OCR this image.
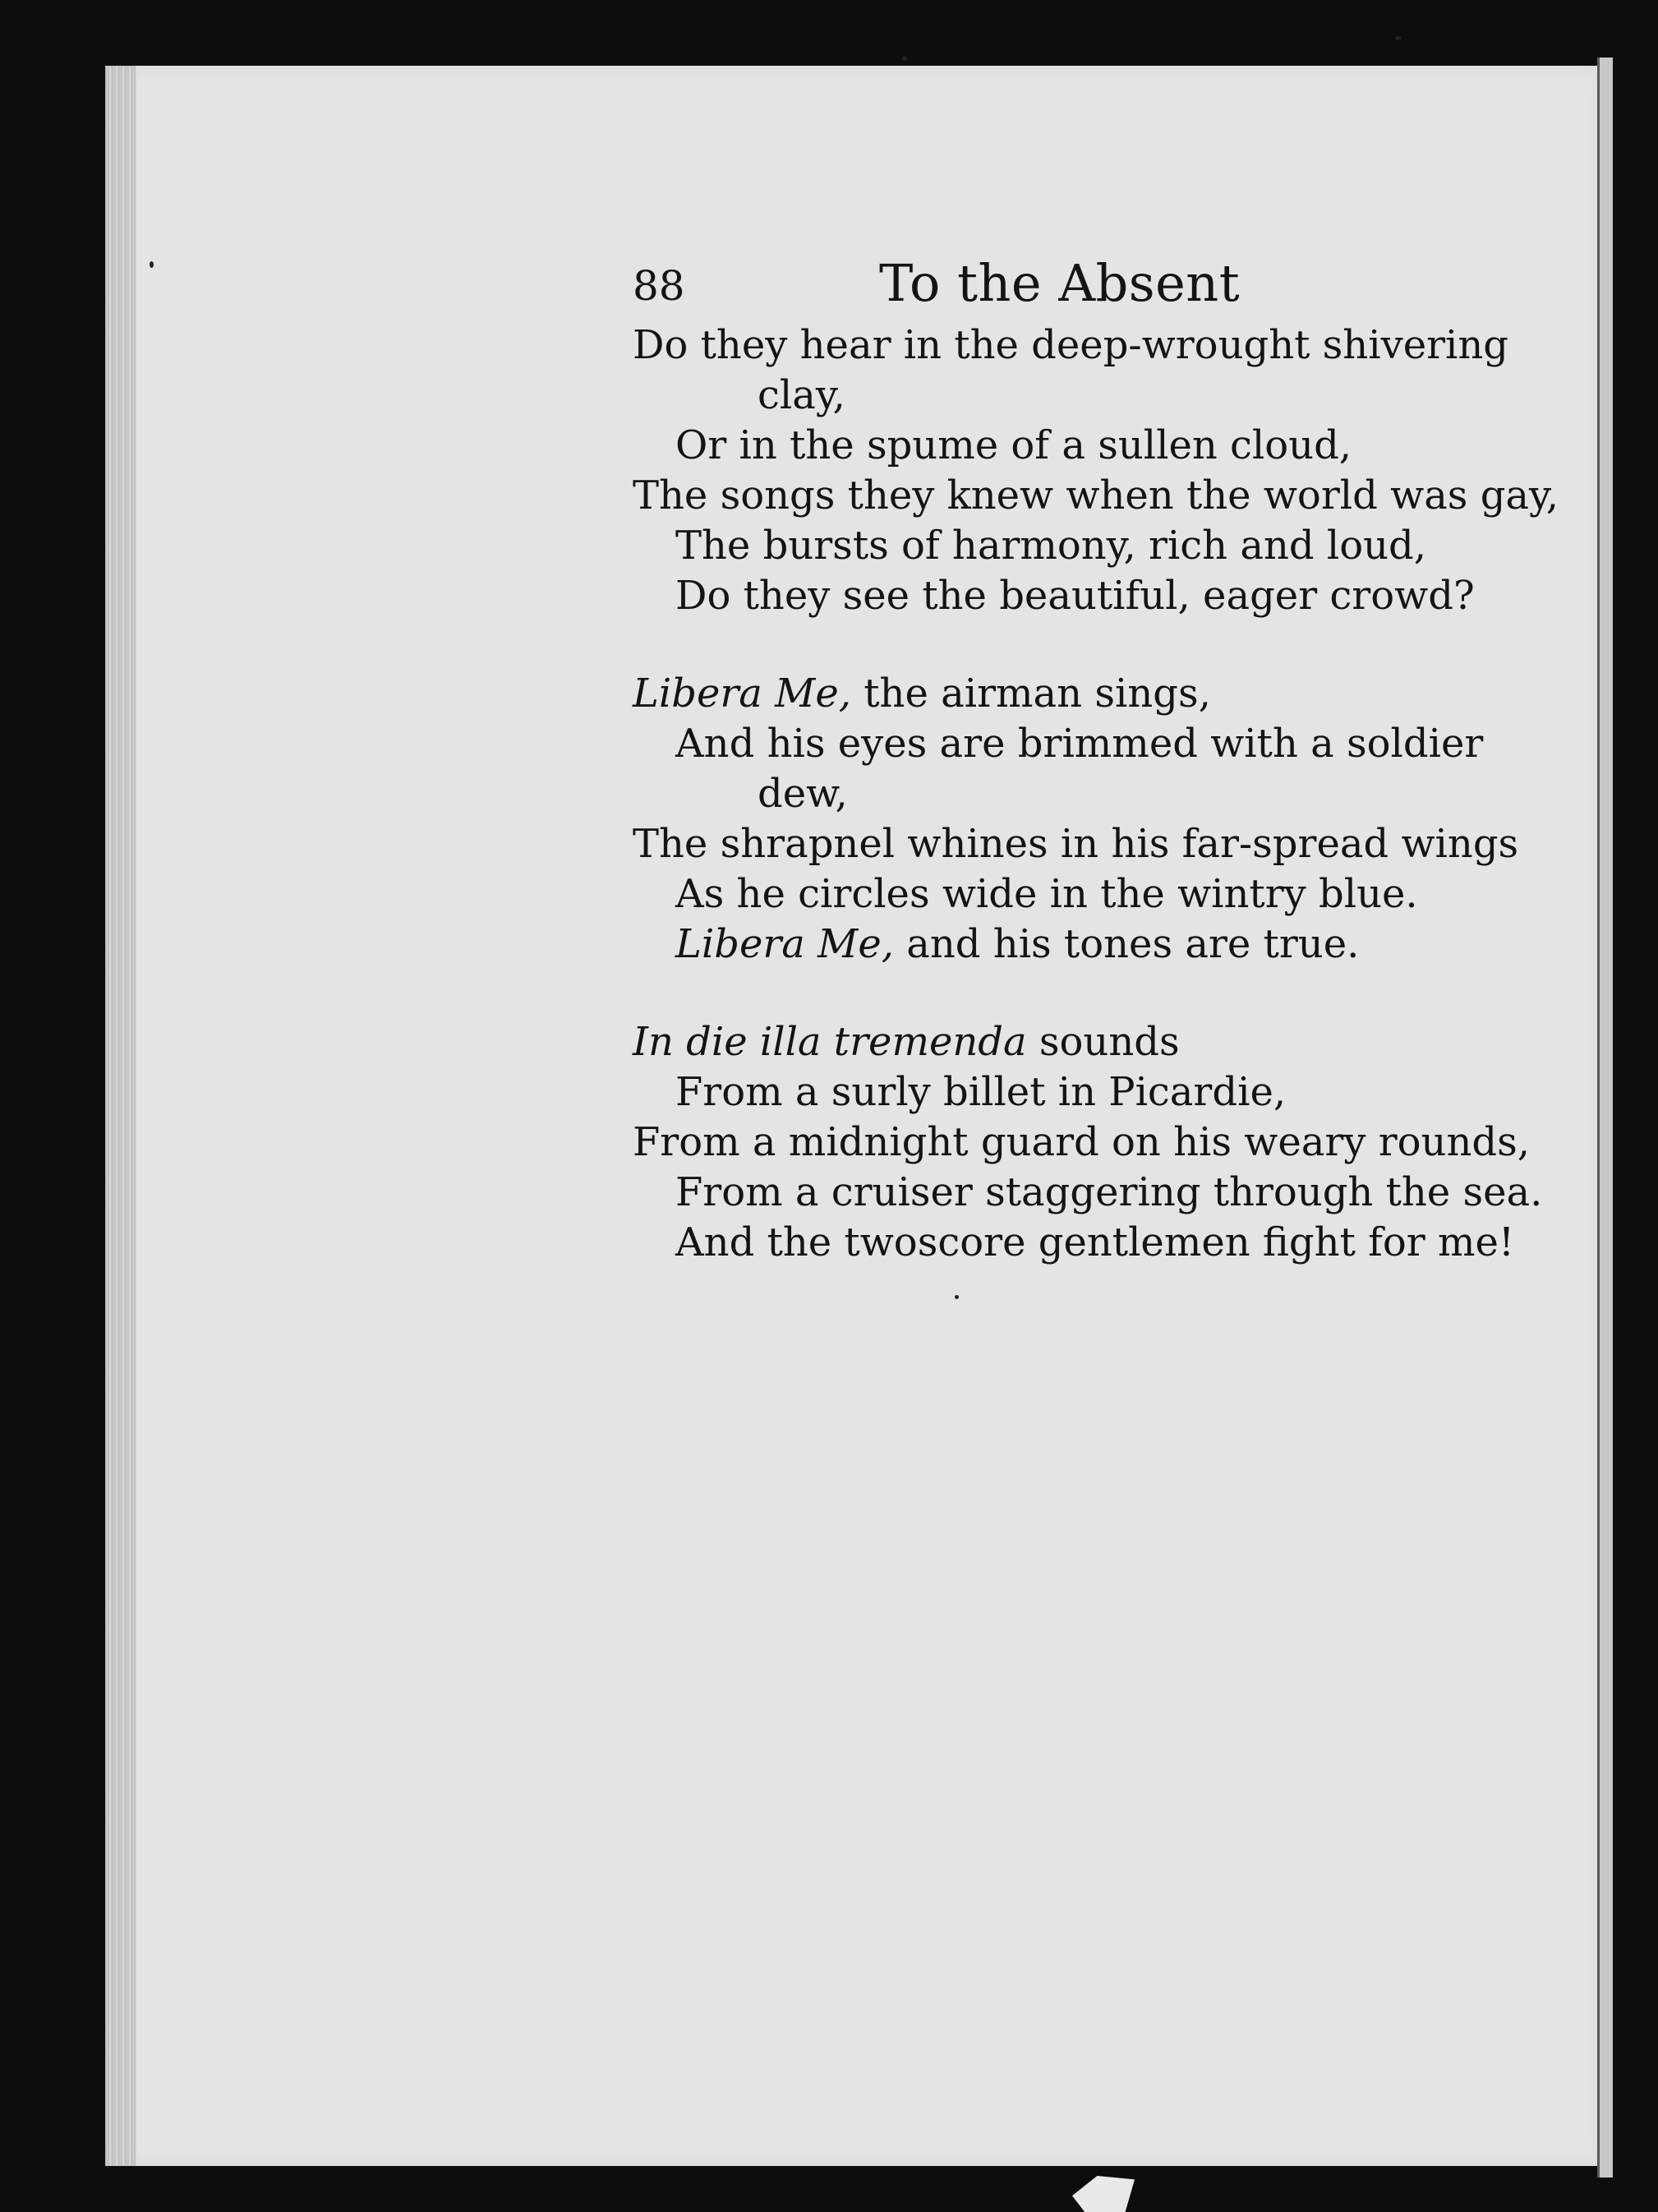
88	To the Absent
Do they hear in the deep-wrought shivering
clay,
Or in the spume of a sullen cloud,
The songs they knew when the world was gay,
The bursts of harmony, rich and loud,
Do they see the beautiful, eager crowd?
Libera Me, the airman sings,
And his eyes are brimmed with a soldier
dew,
The shrapnel whines in his far-spread wings
As he circles wide in the wintry blue.
Libera Me, and his tones are true.
In die illa tremenda sounds
From a surly billet in Picardie,
From a midnight guard on his weary rounds,
From a cruiser staggering through the sea.
And the twoscore gentlemen fight for me!
